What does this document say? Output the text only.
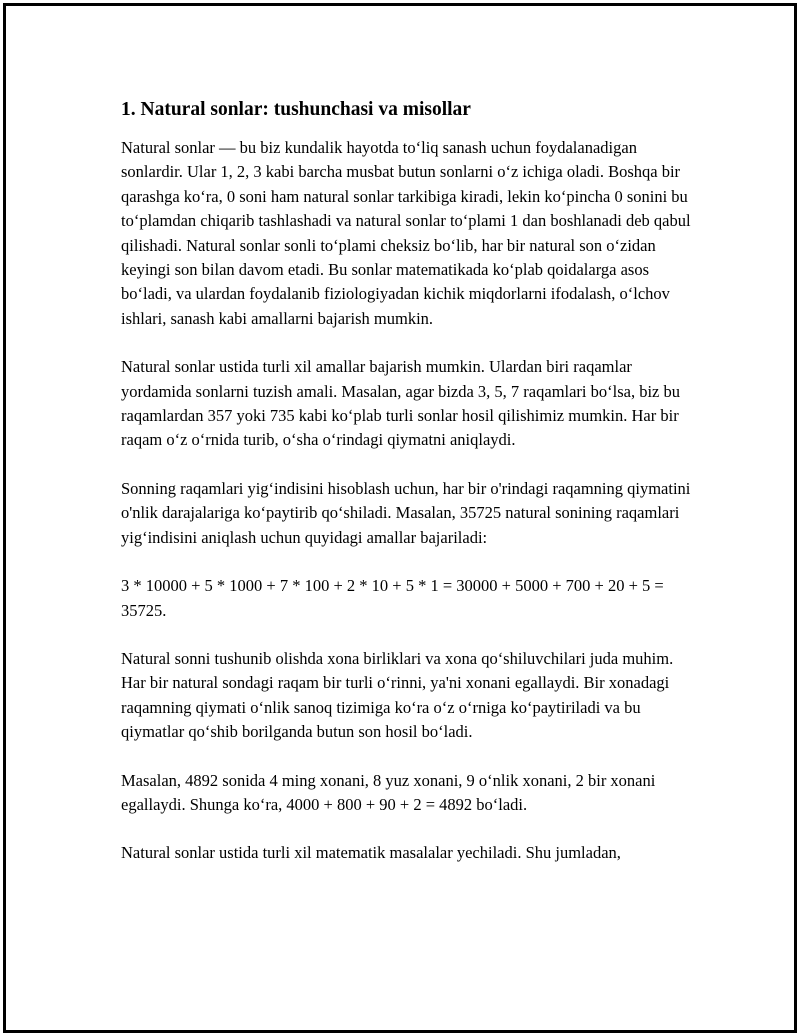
1. Natural sonlar: tushunchasi va misollar

Natural sonlar — bu biz kundalik hayotda to‘liq sanash uchun foydalanadigan sonlardir. Ular 1, 2, 3 kabi barcha musbat butun sonlarni o‘z ichiga oladi. Boshqa bir qarashga ko‘ra, 0 soni ham natural sonlar tarkibiga kiradi, lekin ko‘pincha 0 sonini bu to‘plamdan chiqarib tashlashadi va natural sonlar to‘plami 1 dan boshlanadi deb qabul qilishadi. Natural sonlar sonli to‘plami cheksiz bo‘lib, har bir natural son o‘zidan keyingi son bilan davom etadi. Bu sonlar matematikada ko‘plab qoidalarga asos bo‘ladi, va ulardan foydalanib fiziologiyadan kichik miqdorlarni ifodalash, o‘lchov ishlari, sanash kabi amallarni bajarish mumkin.

Natural sonlar ustida turli xil amallar bajarish mumkin. Ulardan biri raqamlar yordamida sonlarni tuzish amali. Masalan, agar bizda 3, 5, 7 raqamlari bo‘lsa, biz bu raqamlardan 357 yoki 735 kabi ko‘plab turli sonlar hosil qilishimiz mumkin. Har bir raqam o‘z o‘rnida turib, o‘sha o‘rindagi qiymatni aniqlaydi.

Sonning raqamlari yig‘indisini hisoblash uchun, har bir o'rindagi raqamning qiymatini o'nlik darajalariga ko‘paytirib qo‘shiladi. Masalan, 35725 natural sonining raqamlari yig‘indisini aniqlash uchun quyidagi amallar bajariladi:

3 * 10000 + 5 * 1000 + 7 * 100 + 2 * 10 + 5 * 1 = 30000 + 5000 + 700 + 20 + 5 = 35725.

Natural sonni tushunib olishda xona birliklari va xona qo‘shiluvchilari juda muhim. Har bir natural sondagi raqam bir turli o‘rinni, ya'ni xonani egallaydi. Bir xonadagi raqamning qiymati o‘nlik sanoq tizimiga ko‘ra o‘z o‘rniga ko‘paytiriladi va bu qiymatlar qo‘shib borilganda butun son hosil bo‘ladi.

Masalan, 4892 sonida 4 ming xonani, 8 yuz xonani, 9 o‘nlik xonani, 2 bir xonani egallaydi. Shunga ko‘ra, 4000 + 800 + 90 + 2 = 4892 bo‘ladi.

Natural sonlar ustida turli xil matematik masalalar yechiladi. Shu jumladan,
